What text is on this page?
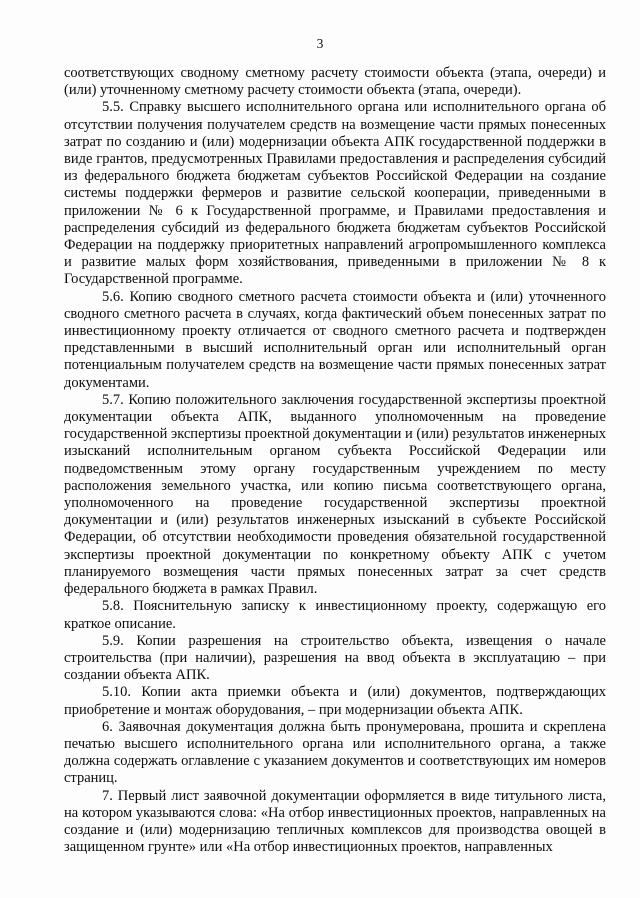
3

соответствующих сводному сметному расчету стоимости объекта (этапа, очереди) и (или) уточненному сметному расчету стоимости объекта (этапа, очереди).

5.5. Справку высшего исполнительного органа или исполнительного органа об отсутствии получения получателем средств на возмещение части прямых понесенных затрат по созданию и (или) модернизации объекта АПК государственной поддержки в виде грантов, предусмотренных Правилами предоставления и распределения субсидий из федерального бюджета бюджетам субъектов Российской Федерации на создание системы поддержки фермеров и развитие сельской кооперации, приведенными в приложении № 6 к Государственной программе, и Правилами предоставления и распределения субсидий из федерального бюджета бюджетам субъектов Российской Федерации на поддержку приоритетных направлений агропромышленного комплекса и развитие малых форм хозяйствования, приведенными в приложении № 8 к Государственной программе.

5.6. Копию сводного сметного расчета стоимости объекта и (или) уточненного сводного сметного расчета в случаях, когда фактический объем понесенных затрат по инвестиционному проекту отличается от сводного сметного расчета и подтвержден представленными в высший исполнительный орган или исполнительный орган потенциальным получателем средств на возмещение части прямых понесенных затрат документами.

5.7. Копию положительного заключения государственной экспертизы проектной документации объекта АПК, выданного уполномоченным на проведение государственной экспертизы проектной документации и (или) результатов инженерных изысканий исполнительным органом субъекта Российской Федерации или подведомственным этому органу государственным учреждением по месту расположения земельного участка, или копию письма соответствующего органа, уполномоченного на проведение государственной экспертизы проектной документации и (или) результатов инженерных изысканий в субъекте Российской Федерации, об отсутствии необходимости проведения обязательной государственной экспертизы проектной документации по конкретному объекту АПК с учетом планируемого возмещения части прямых понесенных затрат за счет средств федерального бюджета в рамках Правил.

5.8. Пояснительную записку к инвестиционному проекту, содержащую его краткое описание.

5.9. Копии разрешения на строительство объекта, извещения о начале строительства (при наличии), разрешения на ввод объекта в эксплуатацию – при создании объекта АПК.

5.10. Копии акта приемки объекта и (или) документов, подтверждающих приобретение и монтаж оборудования, – при модернизации объекта АПК.

6. Заявочная документация должна быть пронумерована, прошита и скреплена печатью высшего исполнительного органа или исполнительного органа, а также должна содержать оглавление с указанием документов и соответствующих им номеров страниц.

7. Первый лист заявочной документации оформляется в виде титульного листа, на котором указываются слова: «На отбор инвестиционных проектов, направленных на создание и (или) модернизацию тепличных комплексов для производства овощей в защищенном грунте» или «На отбор инвестиционных проектов, направленных
